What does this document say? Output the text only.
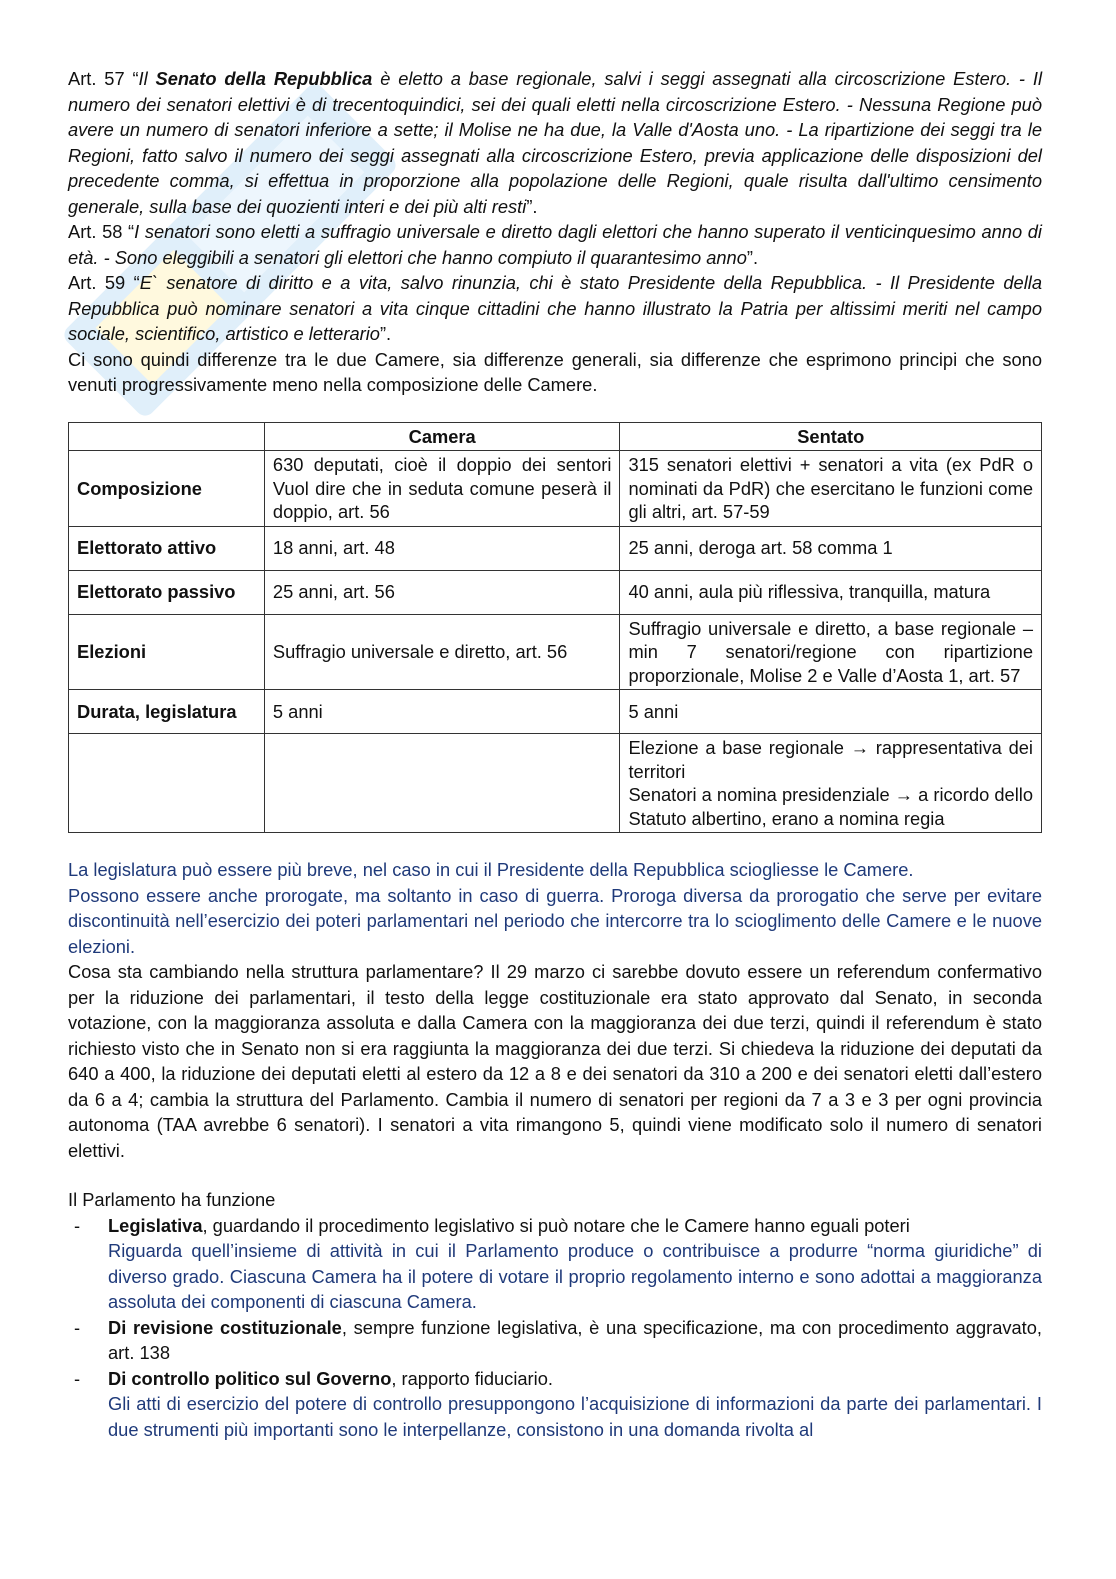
Art. 57 “Il Senato della Repubblica è eletto a base regionale, salvi i seggi assegnati alla circoscrizione Estero. - Il numero dei senatori elettivi è di trecentoquindici, sei dei quali eletti nella circoscrizione Estero. - Nessuna Regione può avere un numero di senatori inferiore a sette; il Molise ne ha due, la Valle d'Aosta uno. - La ripartizione dei seggi tra le Regioni, fatto salvo il numero dei seggi assegnati alla circoscrizione Estero, previa applicazione delle disposizioni del precedente comma, si effettua in proporzione alla popolazione delle Regioni, quale risulta dall'ultimo censimento generale, sulla base dei quozienti interi e dei più alti resti”.

Art. 58 “I senatori sono eletti a suffragio universale e diretto dagli elettori che hanno superato il venticinquesimo anno di età. - Sono eleggibili a senatori gli elettori che hanno compiuto il quarantesimo anno”.

Art. 59 “E` senatore di diritto e a vita, salvo rinunzia, chi è stato Presidente della Repubblica. - Il Presidente della Repubblica può nominare senatori a vita cinque cittadini che hanno illustrato la Patria per altissimi meriti nel campo sociale, scientifico, artistico e letterario”.

Ci sono quindi differenze tra le due Camere, sia differenze generali, sia differenze che esprimono principi che sono venuti progressivamente meno nella composizione delle Camere.

	Camera	Sentato
Composizione	630 deputati, cioè il doppio dei sentori Vuol dire che in seduta comune peserà il doppio, art. 56	315 senatori elettivi + senatori a vita (ex PdR o nominati da PdR) che esercitano le funzioni come gli altri, art. 57-59
Elettorato attivo	18 anni, art. 48	25 anni, deroga art. 58 comma 1
Elettorato passivo	25 anni, art. 56	40 anni, aula più riflessiva, tranquilla, matura
Elezioni	Suffragio universale e diretto, art. 56	Suffragio universale e diretto, a base regionale – min 7 senatori/regione con ripartizione proporzionale, Molise 2 e Valle d’Aosta 1, art. 57
Durata, legislatura	5 anni	5 anni

		Elezione a base regionale → rappresentativa dei territori
Senatori a nomina presidenziale → a ricordo dello Statuto albertino, erano a nomina regia

La legislatura può essere più breve, nel caso in cui il Presidente della Repubblica sciogliesse le Camere.

Possono essere anche prorogate, ma soltanto in caso di guerra. Proroga diversa da prorogatio che serve per evitare discontinuità nell’esercizio dei poteri parlamentari nel periodo che intercorre tra lo scioglimento delle Camere e le nuove elezioni.

Cosa sta cambiando nella struttura parlamentare? Il 29 marzo ci sarebbe dovuto essere un referendum confermativo per la riduzione dei parlamentari, il testo della legge costituzionale era stato approvato dal Senato, in seconda votazione, con la maggioranza assoluta e dalla Camera con la maggioranza dei due terzi, quindi il referendum è stato richiesto visto che in Senato non si era raggiunta la maggioranza dei due terzi. Si chiedeva la riduzione dei deputati da 640 a 400, la riduzione dei deputati eletti al estero da 12 a 8 e dei senatori da 310 a 200 e dei senatori eletti dall’estero da 6 a 4; cambia la struttura del Parlamento. Cambia il numero di senatori per regioni da 7 a 3 e 3 per ogni provincia autonoma (TAA avrebbe 6 senatori). I senatori a vita rimangono 5, quindi viene modificato solo il numero di senatori elettivi.

Il Parlamento ha funzione

- Legislativa, guardando il procedimento legislativo si può notare che le Camere hanno eguali poteri
Riguarda quell’insieme di attività in cui il Parlamento produce o contribuisce a produrre “norma giuridiche” di diverso grado. Ciascuna Camera ha il potere di votare il proprio regolamento interno e sono adottai a maggioranza assoluta dei componenti di ciascuna Camera.
- Di revisione costituzionale, sempre funzione legislativa, è una specificazione, ma con procedimento aggravato, art. 138
- Di controllo politico sul Governo, rapporto fiduciario.
Gli atti di esercizio del potere di controllo presuppongono l’acquisizione di informazioni da parte dei parlamentari. I due strumenti più importanti sono le interpellanze, consistono in una domanda rivolta al
